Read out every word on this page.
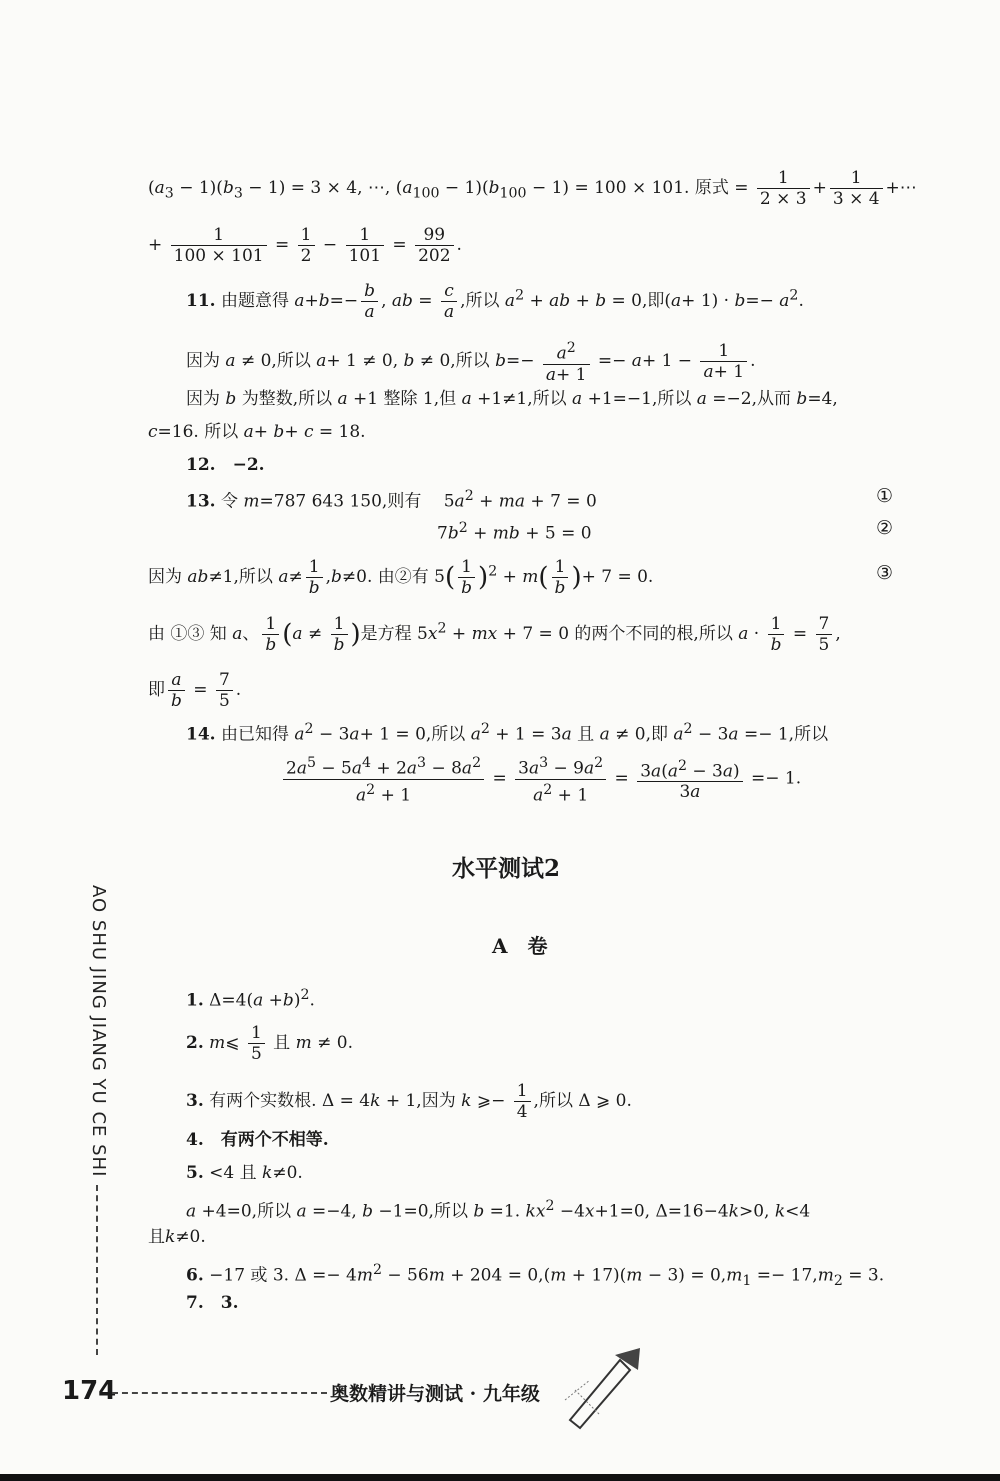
$(a_3 - 1)(b_3 - 1) = 3 \times 4$, ⋯, $(a_{100} - 1)(b_{100} - 1) = 100 \times 101$. 原式 = $\frac{1}{2 \times 3} + \frac{1}{3 \times 4}$ +⋯
+ $\frac{1}{100 \times 101} = \frac{1}{2} - \frac{1}{101} = \frac{99}{202}$ .
11. 由题意得 $a+b=- \frac{b}{a}$ , ab = $\frac{c}{a}$ ,所以 $a^2$ + ab + b = 0,即$(a+ 1) \cdot b=- a^2$.
因为 a ≠ 0,所以 a+ 1 ≠ 0, b ≠ 0,所以 $b=- \frac{a^2}{a+ 1} =- a+ 1 - \frac{1}{a+ 1}$ .
因为 b 为整数,所以 a +1 整除 1,但 a +1≠1,所以 a +1=−1,所以 a =−2,从而 b=4,
c=16. 所以 a+ b+ c = 18.
12.　−2.
13. 令 m=787 643 150,则有　 $5a^2$ + ma + 7 = 0	①
$7b^2$ + mb + 5 = 0	②
因为 ab≠1,所以 $a\ne \frac{1}{b} ,b\ne 0$. 由②有 $5( \frac{1}{b} )^2 + m( \frac{1}{b}$ )+ 7 = 0.	③
由 ①③ 知 a、 $\frac{1}{b} (a \ne \frac{1}{b}$ )是方程 $5x^2$ + mx + 7 = 0 的两个不同的根,所以 $a \cdot \frac{1}{b} = \frac{7}{5}$ ,
即 $\frac{a}{b} = \frac{7}{5}$ .
14. 由已知得 $a^2 - 3a+ 1 = 0$,所以 $a^2 + 1 = 3a$ 且 a ≠ 0,即 $a^2 - 3a =- 1$,所以
$\frac{2a^5 - 5a^4 + 2a^3 - 8a^2}{a^2 + 1} = \frac{3a^3 - 9a^2}{a^2 + 1} = \frac{3a(a^2 - 3a)}{3a} =- 1$.
水平测试2
A　卷
1. $\Delta=4(a +b)^2$.
2. m⩽ $\frac{1}{5}$ 且 m ≠ 0.
3. 有两个实数根. Δ = 4k + 1,因为 k ⩾− $\frac{1}{4}$ ,所以 Δ ⩾ 0.
4.　有两个不相等.
5. <4 且 k≠0.
a +4=0,所以 a =−4, b −1=0,所以 b =1. $kx^2 -4x+1=0$, Δ=16−4k>0, k<4
且k≠0.
6. −17 或 3. $\Delta =- 4m^2 - 56m + 204 = 0,(m + 17)(m - 3) = 0,m_1 =- 17,m_2 = 3$.
7.　3.
AO SHU JING JIANG YU CE SHI
174	奥数精讲与测试 · 九年级
